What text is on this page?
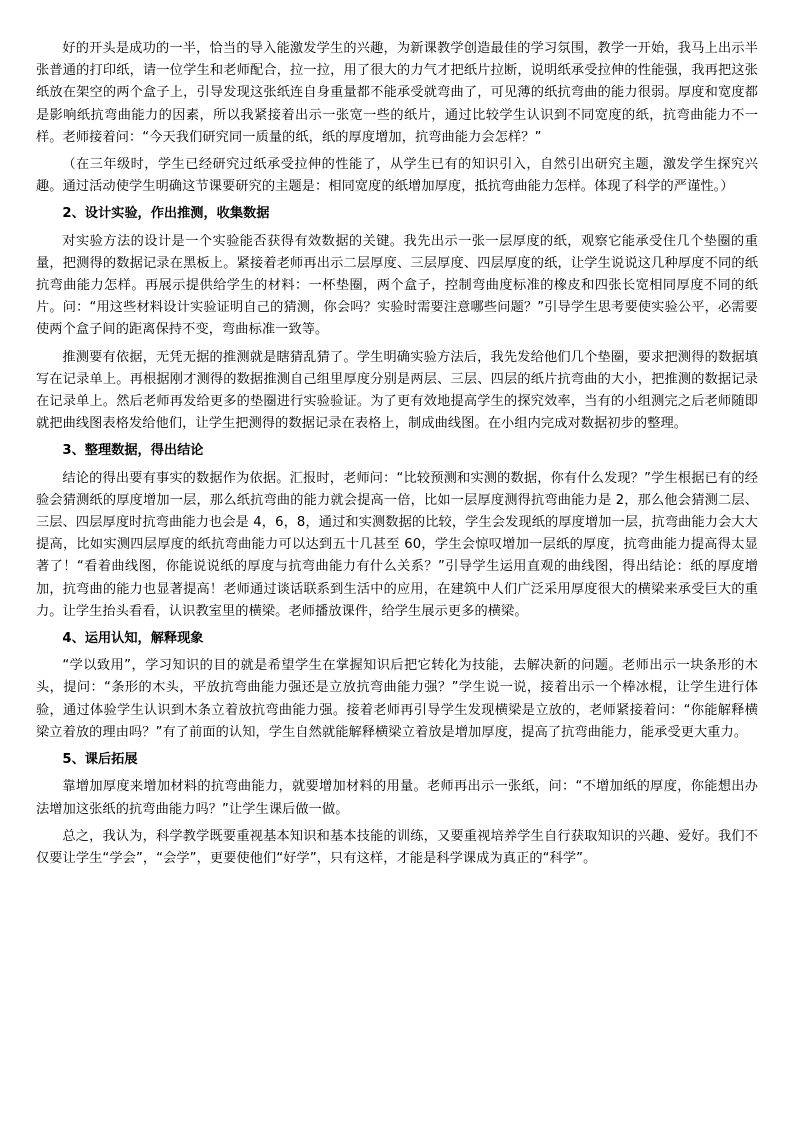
好的开头是成功的一半，恰当的导入能激发学生的兴趣，为新课教学创造最佳的学习氛围，教学一开始，我马上出示半张普通的打印纸，请一位学生和老师配合，拉一拉，用了很大的力气才把纸片拉断，说明纸承受拉伸的性能强，我再把这张纸放在架空的两个盒子上，引导发现这张纸连自身重量都不能承受就弯曲了，可见薄的纸抗弯曲的能力很弱。厚度和宽度都是影响纸抗弯曲能力的因素，所以我紧接着出示一张宽一些的纸片，通过比较学生认识到不同宽度的纸，抗弯曲能力不一样。老师接着问：“今天我们研究同一质量的纸，纸的厚度增加，抗弯曲能力会怎样？”

（在三年级时，学生已经研究过纸承受拉伸的性能了，从学生已有的知识引入，自然引出研究主题，激发学生探究兴趣。通过活动使学生明确这节课要研究的主题是：相同宽度的纸增加厚度，抵抗弯曲能力怎样。体现了科学的严谨性。）

2、设计实验，作出推测，收集数据

对实验方法的设计是一个实验能否获得有效数据的关键。我先出示一张一层厚度的纸，观察它能承受住几个垫圈的重量，把测得的数据记录在黑板上。紧接着老师再出示二层厚度、三层厚度、四层厚度的纸，让学生说说这几种厚度不同的纸抗弯曲能力怎样。再展示提供给学生的材料：一杯垫圈，两个盒子，控制弯曲度标准的橡皮和四张长宽相同厚度不同的纸片。问：“用这些材料设计实验证明自己的猜测，你会吗？实验时需要注意哪些问题？”引导学生思考要使实验公平，必需要使两个盒子间的距离保持不变，弯曲标准一致等。

推测要有依据，无凭无据的推测就是瞎猜乱猜了。学生明确实验方法后，我先发给他们几个垫圈，要求把测得的数据填写在记录单上。再根据刚才测得的数据推测自己组里厚度分别是两层、三层、四层的纸片抗弯曲的大小，把推测的数据记录在记录单上。然后老师再发给更多的垫圈进行实验验证。为了更有效地提高学生的探究效率，当有的小组测完之后老师随即就把曲线图表格发给他们，让学生把测得的数据记录在表格上，制成曲线图。在小组内完成对数据初步的整理。

3、整理数据，得出结论

结论的得出要有事实的数据作为依据。汇报时，老师问：“比较预测和实测的数据，你有什么发现？”学生根据已有的经验会猜测纸的厚度增加一层，那么纸抗弯曲的能力就会提高一倍，比如一层厚度测得抗弯曲能力是 2，那么他会猜测二层、三层、四层厚度时抗弯曲能力也会是 4，6，8，通过和实测数据的比较，学生会发现纸的厚度增加一层，抗弯曲能力会大大提高，比如实测四层厚度的纸抗弯曲能力可以达到五十几甚至 60，学生会惊叹增加一层纸的厚度，抗弯曲能力提高得太显著了！“看着曲线图，你能说说纸的厚度与抗弯曲能力有什么关系？”引导学生运用直观的曲线图，得出结论：纸的厚度增加，抗弯曲的能力也显著提高！老师通过谈话联系到生活中的应用，在建筑中人们广泛采用厚度很大的横梁来承受巨大的重力。让学生抬头看看，认识教室里的横梁。老师播放课件，给学生展示更多的横梁。

4、运用认知，解释现象

“学以致用”，学习知识的目的就是希望学生在掌握知识后把它转化为技能，去解决新的问题。老师出示一块条形的木头，提问：“条形的木头，平放抗弯曲能力强还是立放抗弯曲能力强？”学生说一说，接着出示一个棒冰棍，让学生进行体验，通过体验学生认识到木条立着放抗弯曲能力强。接着老师再引导学生发现横梁是立放的，老师紧接着问：“你能解释横梁立着放的理由吗？”有了前面的认知，学生自然就能解释横梁立着放是增加厚度，提高了抗弯曲能力，能承受更大重力。

5、课后拓展

靠增加厚度来增加材料的抗弯曲能力，就要增加材料的用量。老师再出示一张纸，问：“不增加纸的厚度，你能想出办法增加这张纸的抗弯曲能力吗？”让学生课后做一做。

总之，我认为，科学教学既要重视基本知识和基本技能的训练，又要重视培养学生自行获取知识的兴趣、爱好。我们不仅要让学生“学会”，“会学”，更要使他们“好学”，只有这样，才能是科学课成为真正的“科学”。
